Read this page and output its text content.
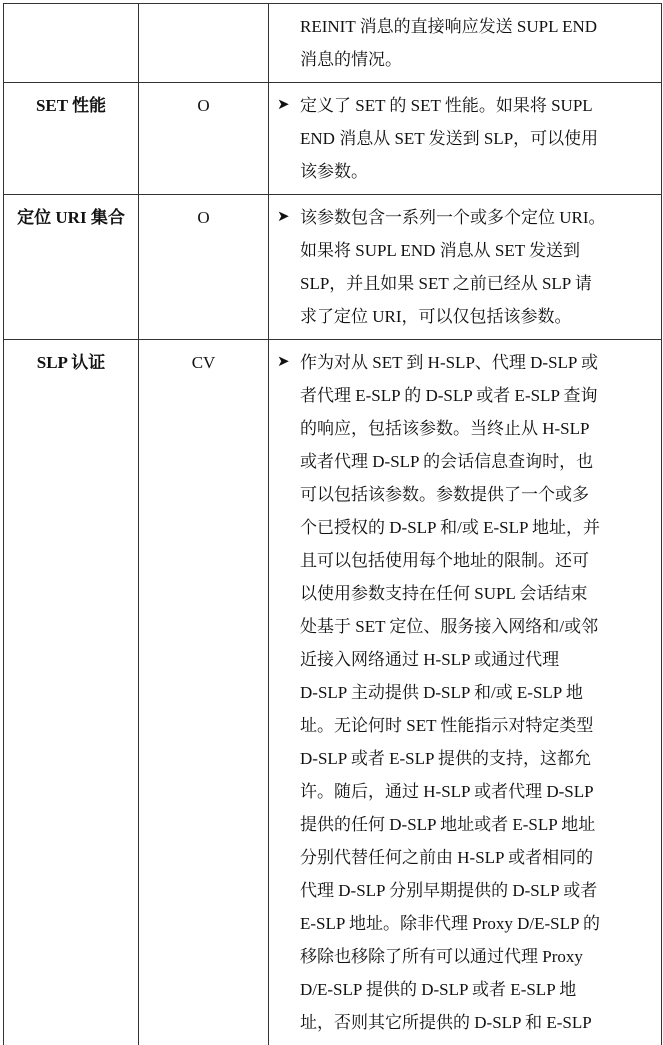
REINIT 消息的直接响应发送 SUPL END
消息的情况。

SET 性能	O	➤ 定义了 SET 的 SET 性能。如果将 SUPL
END 消息从 SET 发送到 SLP，可以使用
该参数。

定位 URI 集合	O	➤ 该参数包含一系列一个或多个定位 URI。
如果将 SUPL END 消息从 SET 发送到
SLP，并且如果 SET 之前已经从 SLP 请
求了定位 URI，可以仅包括该参数。

SLP 认证	CV	➤ 作为对从 SET 到 H-SLP、代理 D-SLP 或
者代理 E-SLP 的 D-SLP 或者 E-SLP 查询
的响应，包括该参数。当终止从 H-SLP
或者代理 D-SLP 的会话信息查询时，也
可以包括该参数。参数提供了一个或多
个已授权的 D-SLP 和/或 E-SLP 地址，并
且可以包括使用每个地址的限制。还可
以使用参数支持在任何 SUPL 会话结束
处基于 SET 定位、服务接入网络和/或邻
近接入网络通过 H-SLP 或通过代理
D-SLP 主动提供 D-SLP 和/或 E-SLP 地
址。无论何时 SET 性能指示对特定类型
D-SLP 或者 E-SLP 提供的支持，这都允
许。随后，通过 H-SLP 或者代理 D-SLP
提供的任何 D-SLP 地址或者 E-SLP 地址
分别代替任何之前由 H-SLP 或者相同的
代理 D-SLP 分别早期提供的 D-SLP 或者
E-SLP 地址。除非代理 Proxy D/E-SLP 的
移除也移除了所有可以通过代理 Proxy
D/E-SLP 提供的 D-SLP 或者 E-SLP 地
址，否则其它所提供的 D-SLP 和 E-SLP
